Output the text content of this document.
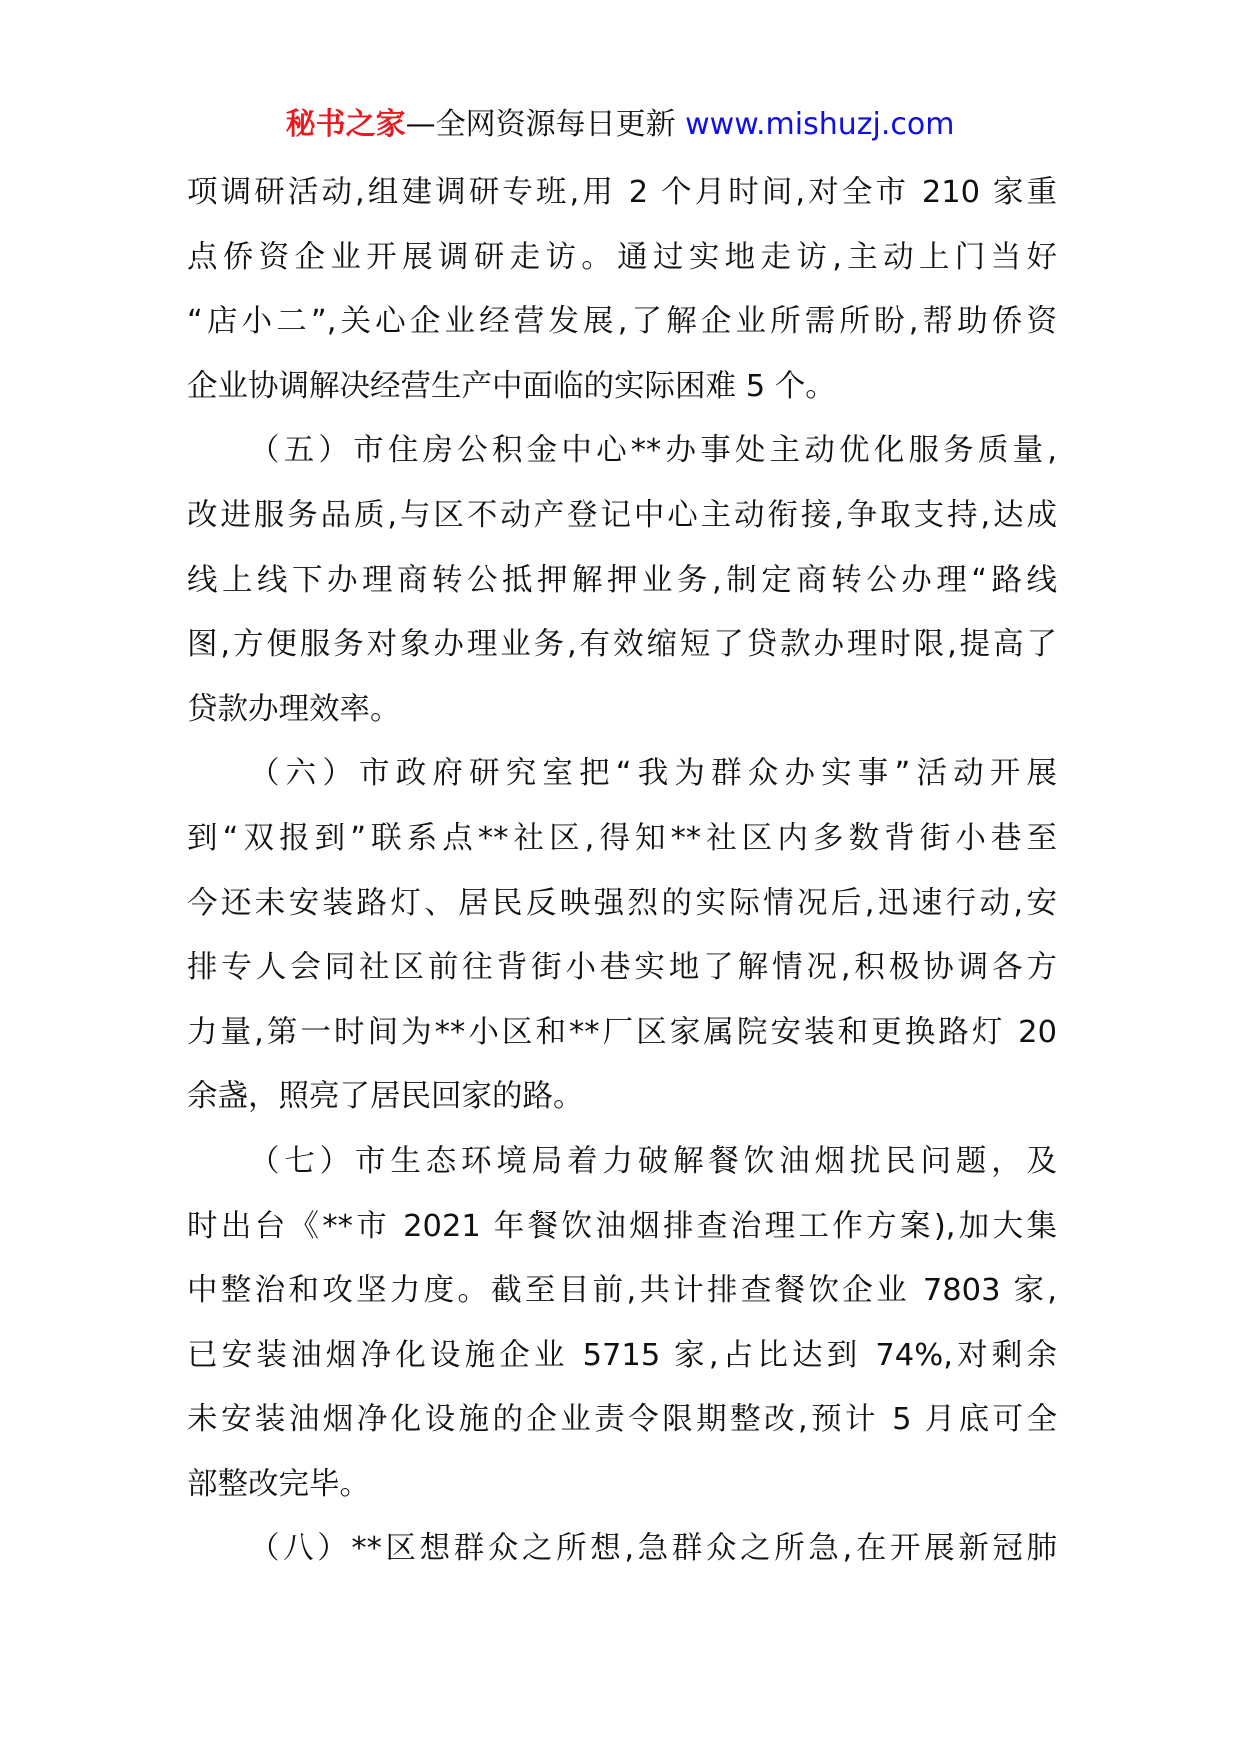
秘书之家—全网资源每日更新 www.mishuzj.com
项调研活动,组建调研专班,用 2 个月时间,对全市 210 家重
点侨资企业开展调研走访。通过实地走访,主动上门当好
“店小二”,关心企业经营发展,了解企业所需所盼,帮助侨资
企业协调解决经营生产中面临的实际困难 5 个。
（五）市住房公积金中心**办事处主动优化服务质量,
改进服务品质,与区不动产登记中心主动衔接,争取支持,达成
线上线下办理商转公抵押解押业务,制定商转公办理“路线
图,方便服务对象办理业务,有效缩短了贷款办理时限,提高了
贷款办理效率。
（六）市政府研究室把“我为群众办实事”活动开展
到“双报到”联系点**社区,得知**社区内多数背街小巷至
今还未安装路灯、居民反映强烈的实际情况后,迅速行动,安
排专人会同社区前往背街小巷实地了解情况,积极协调各方
力量,第一时间为**小区和**厂区家属院安装和更换路灯 20
余盏，照亮了居民回家的路。
（七）市生态环境局着力破解餐饮油烟扰民问题，及
时出台《**市 2021 年餐饮油烟排查治理工作方案),加大集
中整治和攻坚力度。截至目前,共计排查餐饮企业 7803 家,
已安装油烟净化设施企业 5715 家,占比达到 74%,对剩余
未安装油烟净化设施的企业责令限期整改,预计 5 月底可全
部整改完毕。
（八）**区想群众之所想,急群众之所急,在开展新冠肺
